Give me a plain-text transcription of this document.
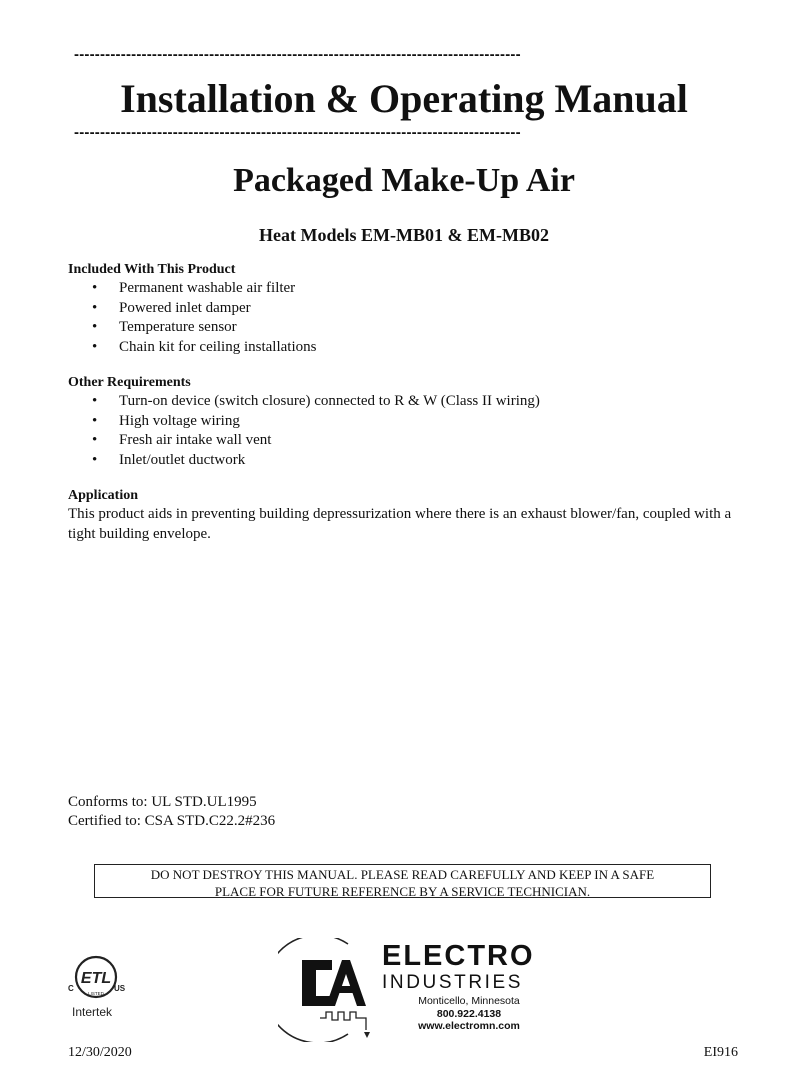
--------------------------------------------------------------------------------------
Installation & Operating Manual
--------------------------------------------------------------------------------------
Packaged Make-Up Air
Heat Models EM-MB01 & EM-MB02
Included With This Product
• Permanent washable air filter
• Powered inlet damper
• Temperature sensor
• Chain kit for ceiling installations
Other Requirements
• Turn-on device (switch closure) connected to R & W (Class II wiring)
• High voltage wiring
• Fresh air intake wall vent
• Inlet/outlet ductwork
Application
This product aids in preventing building depressurization where there is an exhaust blower/fan, coupled with a tight building envelope.
Conforms to: UL STD.UL1995
Certified to: CSA STD.C22.2#236
DO NOT DESTROY THIS MANUAL. PLEASE READ CAREFULLY AND KEEP IN A SAFE
PLACE FOR FUTURE REFERENCE BY A SERVICE TECHNICIAN.
ETL
C	US
LISTED
Intertek
ELECTRO
INDUSTRIES
Monticello, Minnesota
800.922.4138
www.electromn.com
12/30/2020	EI916
